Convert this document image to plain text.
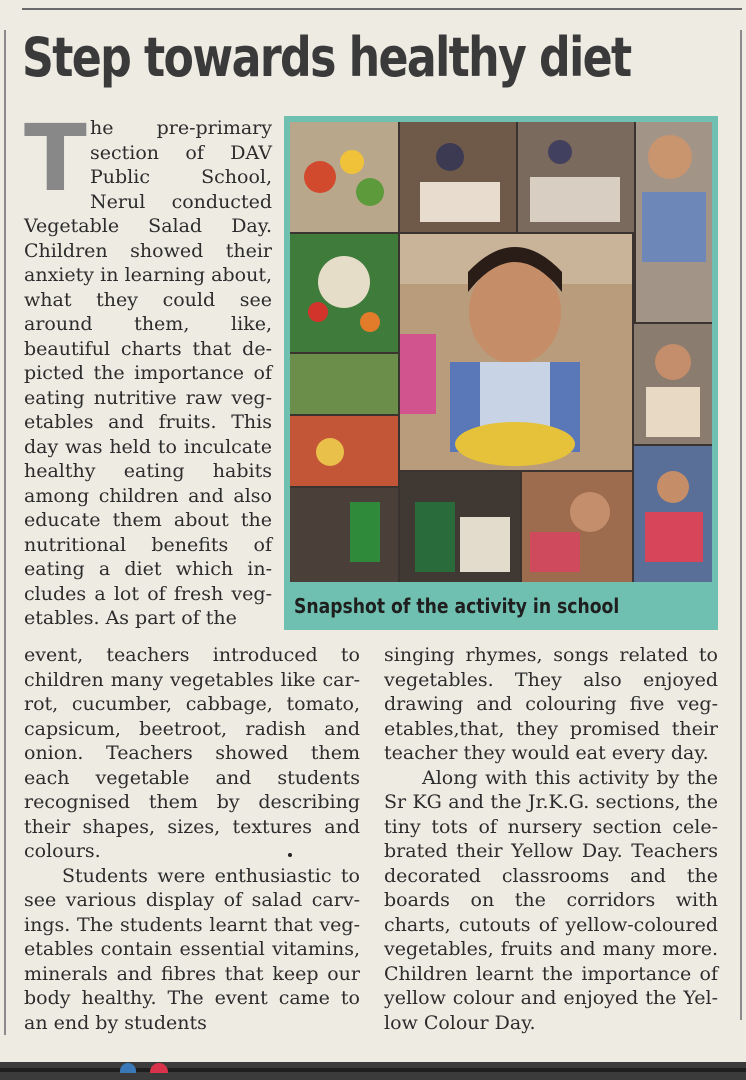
Step towards healthy diet
T he pre-primary section of DAV Public School, Nerul conducted Vegetable Salad Day. Children showed their anxiety in learning about, what they could see around them, like, beautiful charts that depicted the importance of eating nutritive raw vegetables and fruits. This day was held to inculcate healthy eating habits among children and also educate them about the nutritional benefits of eating a diet which includes a lot of fresh vegetables. As part of the	Snapshot of the activity in school

event, teachers introduced to children many vegetables like carrot, cucumber, cabbage, tomato, capsicum, beetroot, radish and onion. Teachers showed them each vegetable and students recognised them by describing their shapes, sizes, textures and colours.

Students were enthusiastic to see various display of salad carvings. The students learnt that vegetables contain essential vitamins, minerals and fibres that keep our body healthy. The event came to an end by students

singing rhymes, songs related to vegetables. They also enjoyed drawing and colouring five vegetables,that, they promised their teacher they would eat every day.

Along with this activity by the Sr KG and the Jr.K.G. sections, the tiny tots of nursery section celebrated their Yellow Day. Teachers decorated classrooms and the boards on the corridors with charts, cutouts of yellow-coloured vegetables, fruits and many more. Children learnt the importance of yellow colour and enjoyed the Yellow Colour Day.
